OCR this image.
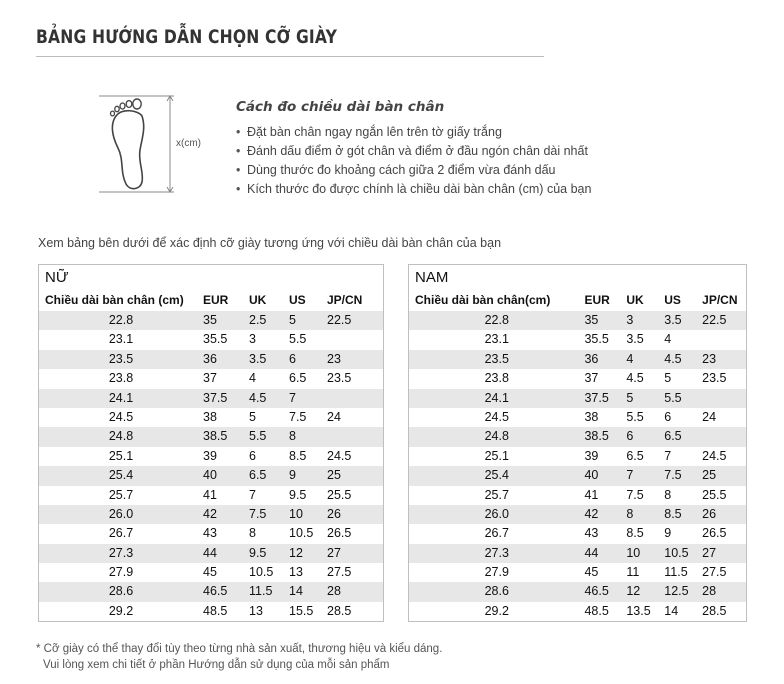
BẢNG HƯỚNG DẪN CHỌN CỠ GIÀY
x(cm)
Cách đo chiều dài bàn chân
• Đặt bàn chân ngay ngắn lên trên tờ giấy trắng
• Đánh dấu điểm ở gót chân và điểm ở đầu ngón chân dài nhất
• Dùng thước đo khoảng cách giữa 2 điểm vừa đánh dấu
• Kích thước đo được chính là chiều dài bàn chân (cm) của bạn
Xem bảng bên dưới để xác định cỡ giày tương ứng với chiều dài bàn chân của bạn
NỮ
Chiều dài bàn chân (cm)	EUR	UK	US	JP/CN
22.8	35	2.5	5	22.5
23.1	35.5	3	5.5
23.5	36	3.5	6	23
23.8	37	4	6.5	23.5
24.1	37.5	4.5	7
24.5	38	5	7.5	24
24.8	38.5	5.5	8
25.1	39	6	8.5	24.5
25.4	40	6.5	9	25
25.7	41	7	9.5	25.5
26.0	42	7.5	10	26
26.7	43	8	10.5	26.5
27.3	44	9.5	12	27
27.9	45	10.5	13	27.5
28.6	46.5	11.5	14	28
29.2	48.5	13	15.5	28.5
NAM
Chiều dài bàn chân(cm)	EUR	UK	US	JP/CN
22.8	35	3	3.5	22.5
23.1	35.5	3.5	4
23.5	36	4	4.5	23
23.8	37	4.5	5	23.5
24.1	37.5	5	5.5
24.5	38	5.5	6	24
24.8	38.5	6	6.5
25.1	39	6.5	7	24.5
25.4	40	7	7.5	25
25.7	41	7.5	8	25.5
26.0	42	8	8.5	26
26.7	43	8.5	9	26.5
27.3	44	10	10.5	27
27.9	45	11	11.5	27.5
28.6	46.5	12	12.5	28
29.2	48.5	13.5	14	28.5
* Cỡ giày có thể thay đổi tùy theo từng nhà sản xuất, thương hiệu và kiểu dáng.
Vui lòng xem chi tiết ở phần Hướng dẫn sử dụng của mỗi sản phẩm
